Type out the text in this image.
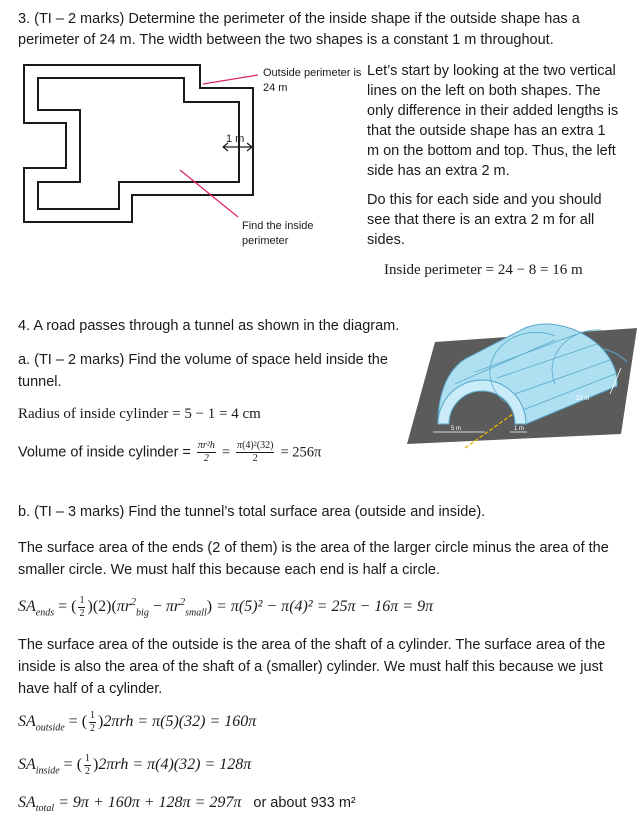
3. (TI – 2 marks) Determine the perimeter of the inside shape if the outside shape has a perimeter of 24 m. The width between the two shapes is a constant 1 m throughout.

1 m
Outside perimeter is 24 m
Find the inside perimeter

Let’s start by looking at the two vertical lines on the left on both shapes. The only difference in their added lengths is that the outside shape has an extra 1 m on the bottom and top. Thus, the left side has an extra 2 m.

Do this for each side and you should see that there is an extra 2 m for all sides.

Inside perimeter = 24 − 8 = 16 m

4. A road passes through a tunnel as shown in the diagram.

a. (TI – 2 marks) Find the volume of space held inside the tunnel.

Radius of inside cylinder = 5 − 1 = 4 cm

Volume of inside cylinder = $\frac{\text{πr²h}}{2} = \frac{\text{π(4)²(32)}}{2} = 256\pi$
5 m	1 m
32 m

b. (TI – 3 marks) Find the tunnel’s total surface area (outside and inside).

The surface area of the ends (2 of them) is the area of the larger circle minus the area of the smaller circle. We must half this because each end is half a circle.

$SA_{ends}$ = ( $\frac{1}{2} )(2)(\pi r^2_{big} - \pi r^2_{small}) = \pi(5)^2 - \pi(4)^2 = 25\pi - 16\pi = 9\pi$

The surface area of the outside is the area of the shaft of a cylinder. The surface area of the inside is also the area of the shaft of a (smaller) cylinder. We must half this because we just have half of a cylinder.

$SA_{outside}$ = ( $\frac{1}{2} )2\pi rh = \pi(5)(32) = 160\pi$
$SA_{inside}$ = ( $\frac{1}{2} )2\pi rh = \pi(4)(32) = 128\pi$
$SA_{total} = 9\pi + 160\pi + 128\pi = 297\pi$ or about 933 m²
